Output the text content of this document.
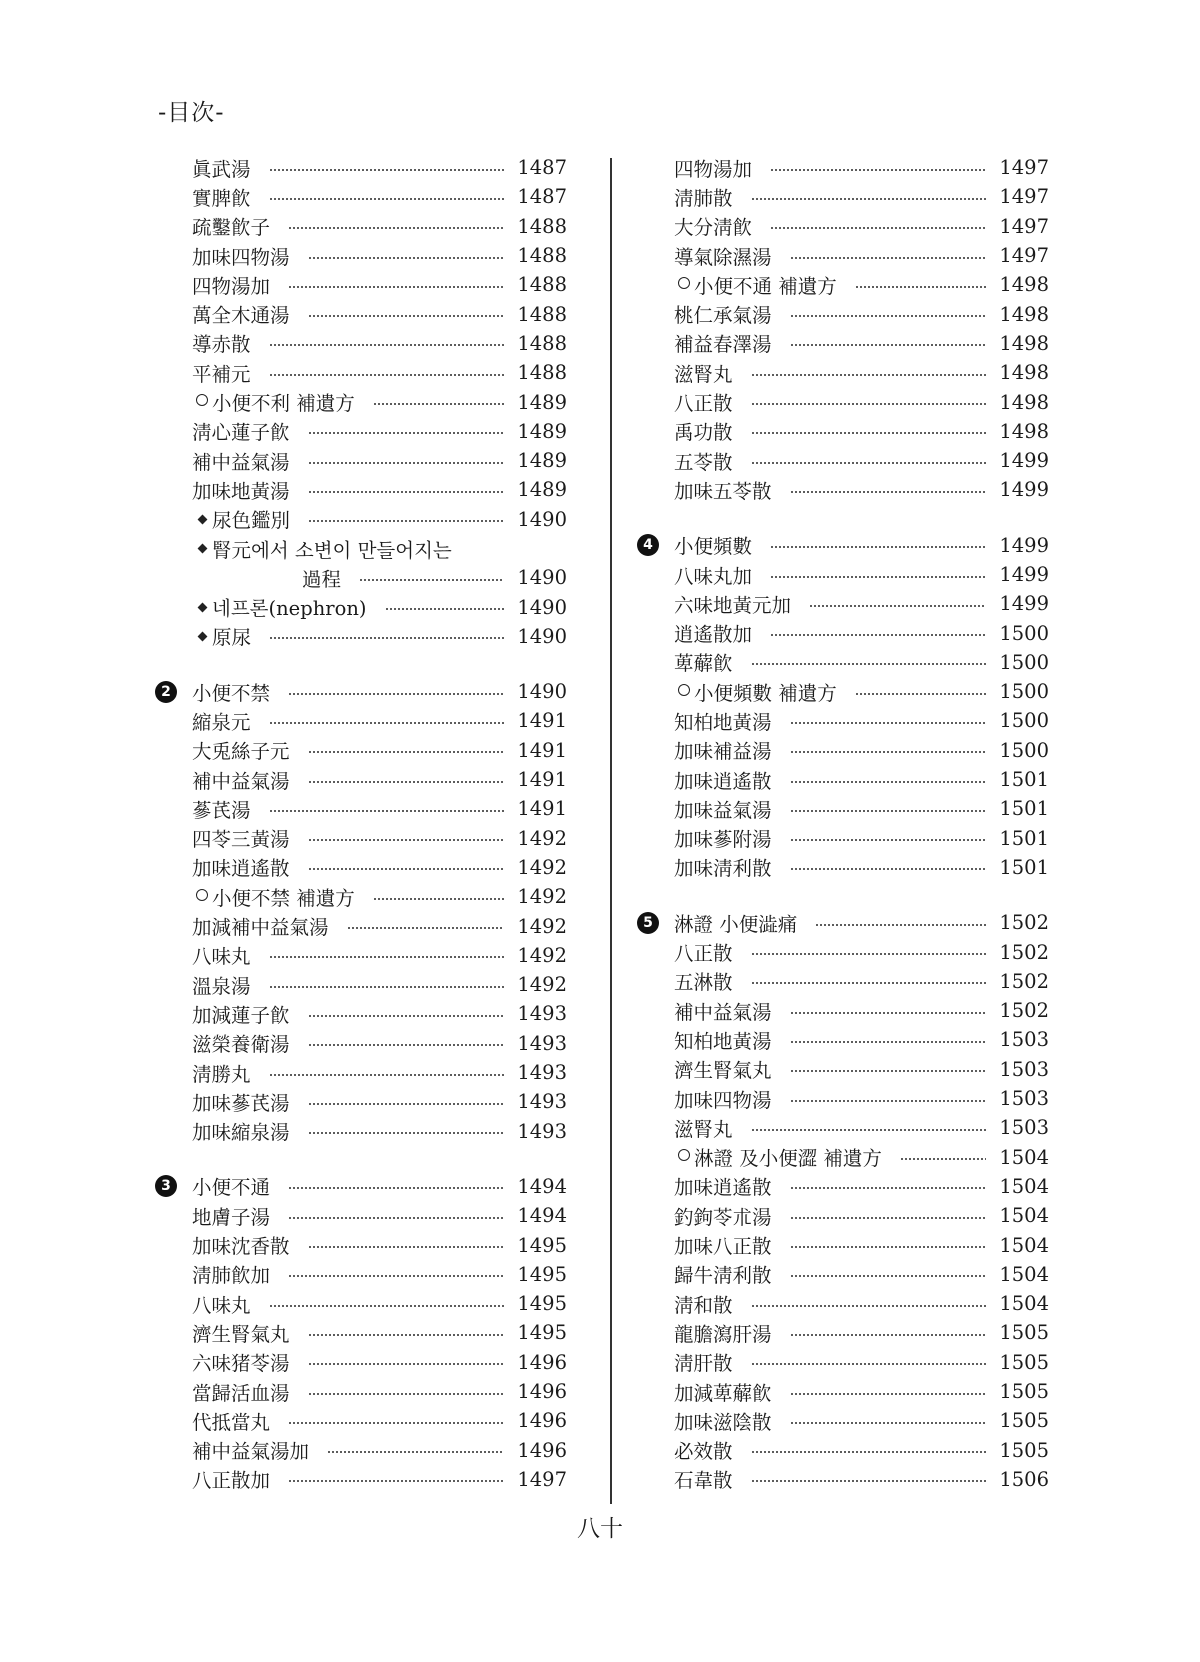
-目次-
眞武湯	1487
實脾飮	1487
疏鑿飮子	1488
加味四物湯	1488
四物湯加	1488
萬全木通湯	1488
導赤散	1488
平補元	1488
小便不利 補遺方	1489
淸心蓮子飮	1489
補中益氣湯	1489
加味地黃湯	1489
尿色鑑別	1490
腎元에서 소변이 만들어지는
過程	1490
네프론(nephron)	1490
原尿	1490
2	小便不禁	1490
縮泉元	1491
大兎絲子元	1491
補中益氣湯	1491
蔘芪湯	1491
四苓三黃湯	1492
加味逍遙散	1492
小便不禁 補遺方	1492
加減補中益氣湯	1492
八味丸	1492
溫泉湯	1492
加減蓮子飮	1493
滋榮養衛湯	1493
淸勝丸	1493
加味蔘芪湯	1493
加味縮泉湯	1493
3	小便不通	1494
地膚子湯	1494
加味沈香散	1495
淸肺飮加	1495
八味丸	1495
濟生腎氣丸	1495
六味猪苓湯	1496
當歸活血湯	1496
代抵當丸	1496
補中益氣湯加	1496
八正散加	1497
四物湯加	1497
淸肺散	1497
大分淸飮	1497
導氣除濕湯	1497
小便不通 補遺方	1498
桃仁承氣湯	1498
補益春澤湯	1498
滋腎丸	1498
八正散	1498
禹功散	1498
五苓散	1499
加味五苓散	1499
4	小便頻數	1499
八味丸加	1499
六味地黃元加	1499
逍遙散加	1500
萆薢飮	1500
小便頻數 補遺方	1500
知柏地黃湯	1500
加味補益湯	1500
加味逍遙散	1501
加味益氣湯	1501
加味蔘附湯	1501
加味淸利散	1501
5	淋證 小便澁痛	1502
八正散	1502
五淋散	1502
補中益氣湯	1502
知柏地黃湯	1503
濟生腎氣丸	1503
加味四物湯	1503
滋腎丸	1503
淋證 及小便澀 補遺方	1504
加味逍遙散	1504
釣鉤苓朮湯	1504
加味八正散	1504
歸牛淸利散	1504
淸和散	1504
龍膽瀉肝湯	1505
淸肝散	1505
加減萆薢飮	1505
加味滋陰散	1505
必效散	1505
石韋散	1506
八十
